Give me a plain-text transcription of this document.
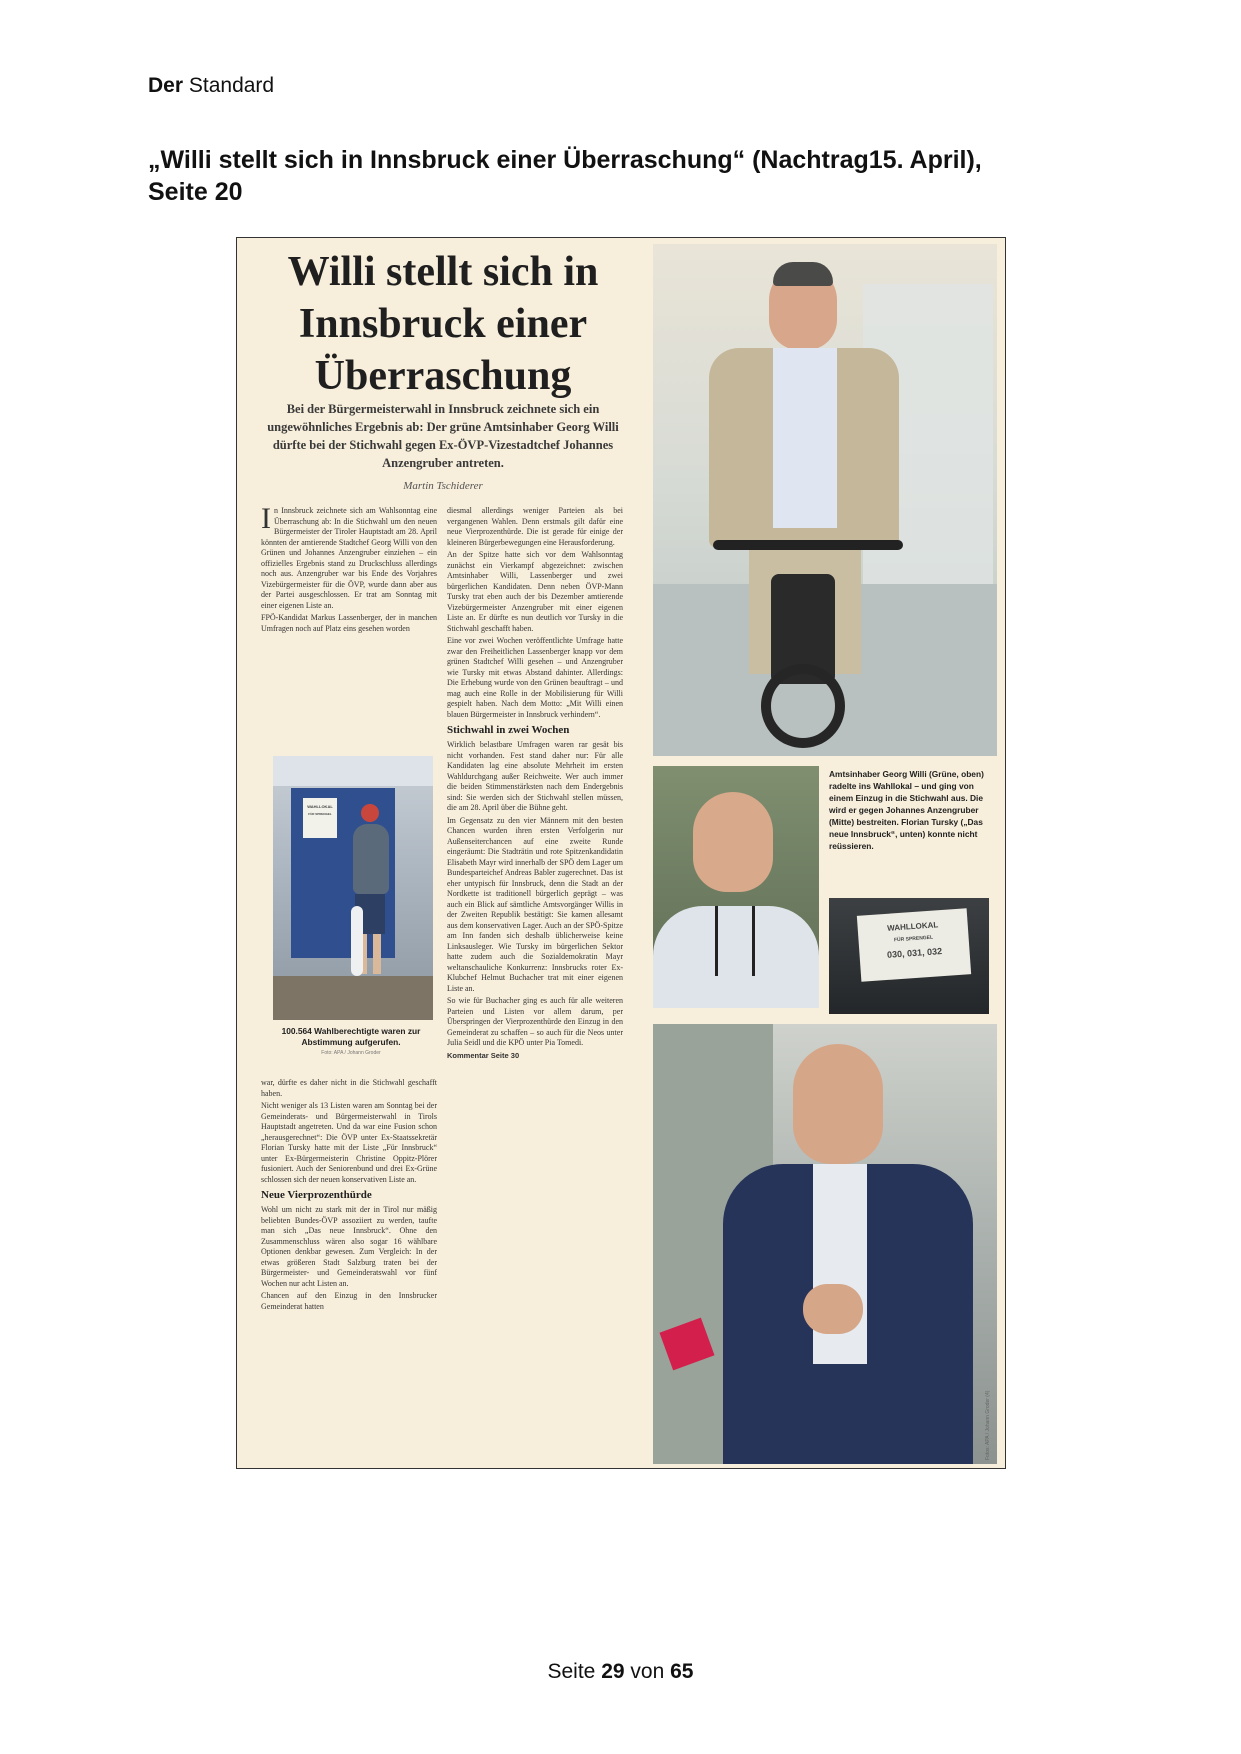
Der Standard
„Willi stellt sich in Innsbruck einer Überraschung“ (Nachtrag15. April),
Seite 20
Willi stellt sich in
Innsbruck einer
Überraschung
Bei der Bürgermeisterwahl in Innsbruck zeichnete sich ein ungewöhnliches Ergebnis ab: Der grüne Amtsinhaber Georg Willi dürfte bei der Stichwahl gegen Ex-ÖVP-Vizestadtchef Johannes Anzengruber antreten.
Martin Tschiderer

In Innsbruck zeichnete sich am Wahlsonntag eine Überraschung ab: In die Stichwahl um den neuen Bürgermeister der Tiroler Hauptstadt am 28. April könnten der amtierende Stadtchef Georg Willi von den Grünen und Johannes Anzengruber einziehen – ein offizielles Ergebnis stand zu Druckschluss allerdings noch aus. Anzengruber war bis Ende des Vorjahres Vizebürgermeister für die ÖVP, wurde dann aber aus der Partei ausgeschlossen. Er trat am Sonntag mit einer eigenen Liste an.

FPÖ-Kandidat Markus Lassenberger, der in manchen Umfragen noch auf Platz eins gesehen worden

WAHLLOKAL
FÜR SPRENGEL
100.564 Wahlberechtigte waren zur Abstimmung aufgerufen.
Foto: APA / Johann Groder

war, dürfte es daher nicht in die Stichwahl geschafft haben.

Nicht weniger als 13 Listen waren am Sonntag bei der Gemeinderats- und Bürgermeisterwahl in Tirols Hauptstadt angetreten. Und da war eine Fusion schon „herausgerechnet“: Die ÖVP unter Ex-Staatssekretär Florian Tursky hatte mit der Liste „Für Innsbruck“ unter Ex-Bürgermeisterin Christine Oppitz-Plörer fusioniert. Auch der Seniorenbund und drei Ex-Grüne schlossen sich der neuen konservativen Liste an.

Neue Vierprozenthürde

Wohl um nicht zu stark mit der in Tirol nur mäßig beliebten Bundes-ÖVP assoziiert zu werden, taufte man sich „Das neue Innsbruck“. Ohne den Zusammenschluss wären also sogar 16 wählbare Optionen denkbar gewesen. Zum Vergleich: In der etwas größeren Stadt Salzburg traten bei der Bürgermeister- und Gemeinderatswahl vor fünf Wochen nur acht Listen an.

Chancen auf den Einzug in den Innsbrucker Gemeinderat hatten

diesmal allerdings weniger Parteien als bei vergangenen Wahlen. Denn erstmals gilt dafür eine neue Vierprozenthürde. Die ist gerade für einige der kleineren Bürgerbewegungen eine Herausforderung.

An der Spitze hatte sich vor dem Wahlsonntag zunächst ein Vierkampf abgezeichnet: zwischen Amtsinhaber Willi, Lassenberger und zwei bürgerlichen Kandidaten. Denn neben ÖVP-Mann Tursky trat eben auch der bis Dezember amtierende Vizebürgermeister Anzengruber mit einer eigenen Liste an. Er dürfte es nun deutlich vor Tursky in die Stichwahl geschafft haben.

Eine vor zwei Wochen veröffentlichte Umfrage hatte zwar den Freiheitlichen Lassenberger knapp vor dem grünen Stadtchef Willi gesehen – und Anzengruber wie Tursky mit etwas Abstand dahinter. Allerdings: Die Erhebung wurde von den Grünen beauftragt – und mag auch eine Rolle in der Mobilisierung für Willi gespielt haben. Nach dem Motto: „Mit Willi einen blauen Bürgermeister in Innsbruck verhindern“.

Stichwahl in zwei Wochen

Wirklich belastbare Umfragen waren rar gesät bis nicht vorhanden. Fest stand daher nur: Für alle Kandidaten lag eine absolute Mehrheit im ersten Wahldurchgang außer Reichweite. Wer auch immer die beiden Stimmenstärksten nach dem Endergebnis sind: Sie werden sich der Stichwahl stellen müssen, die am 28. April über die Bühne geht.

Im Gegensatz zu den vier Männern mit den besten Chancen wurden ihren ersten Verfolgerin nur Außenseiterchancen auf eine zweite Runde eingeräumt: Die Stadträtin und rote Spitzenkandidatin Elisabeth Mayr wird innerhalb der SPÖ dem Lager um Bundesparteichef Andreas Babler zugerechnet. Das ist eher untypisch für Innsbruck, denn die Stadt an der Nordkette ist traditionell bürgerlich geprägt – was auch ein Blick auf sämtliche Amtsvorgänger Willis in der Zweiten Republik bestätigt: Sie kamen allesamt aus dem konservativen Lager. Auch an der SPÖ-Spitze am Inn fanden sich deshalb üblicherweise keine Linksausleger. Wie Tursky im bürgerlichen Sektor hatte zudem auch die Sozialdemokratin Mayr weltanschauliche Konkurrenz: Innsbrucks roter Ex-Klubchef Helmut Buchacher trat mit einer eigenen Liste an.

So wie für Buchacher ging es auch für alle weiteren Parteien und Listen vor allem darum, per Überspringen der Vierprozenthürde den Einzug in den Gemeinderat zu schaffen – so auch für die Neos unter Julia Seidl und die KPÖ unter Pia Tomedi.

Kommentar Seite 30

Amtsinhaber Georg Willi (Grüne, oben) radelte ins Wahllokal – und ging von einem Einzug in die Stichwahl aus. Die wird er gegen Johannes Anzengruber (Mitte) bestreiten. Florian Tursky („Das neue Innsbruck“, unten) konnte nicht reüssieren.
WAHLLOKAL
FÜR SPRENGEL
030, 031, 032
Fotos: APA / Johann Groder (4)
Seite 29 von 65
